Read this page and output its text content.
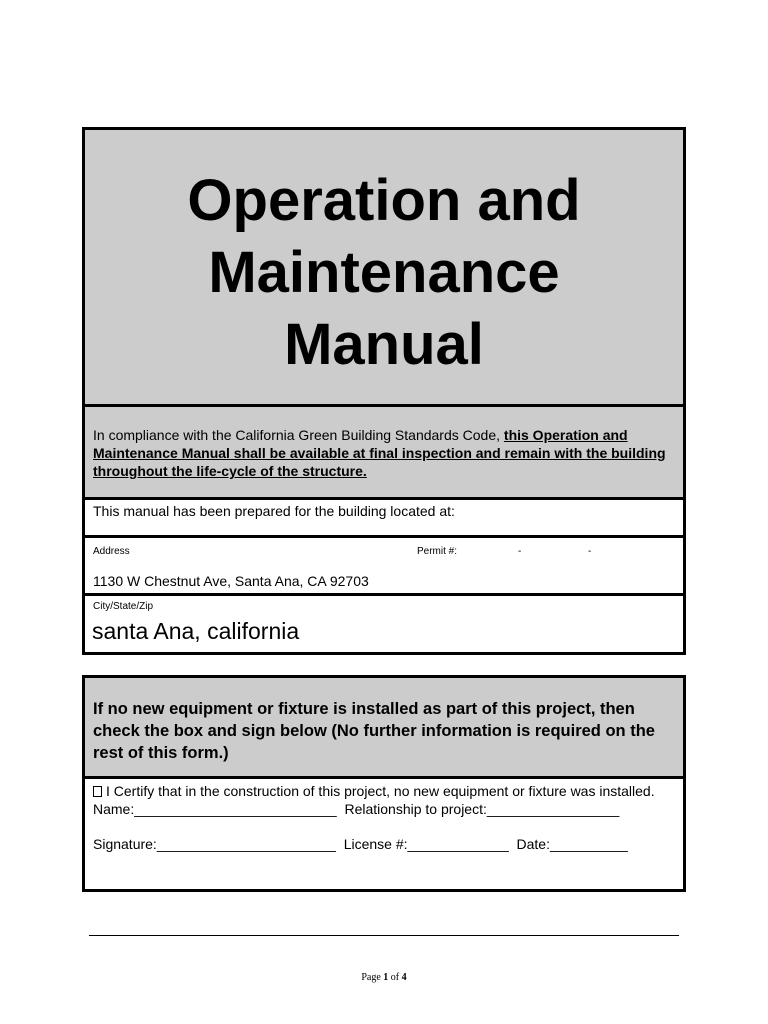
Operation and
Maintenance
Manual
In compliance with the California Green Building Standards Code, this Operation and Maintenance Manual shall be available at final inspection and remain with the building throughout the life-cycle of the structure.
This manual has been prepared for the building located at:
Address	Permit #:	-	-
1130 W Chestnut Ave, Santa Ana, CA 92703
City/State/Zip
santa Ana, california
If no new equipment or fixture is installed as part of this project, then check the box and sign below (No further information is required on the rest of this form.)
I Certify that in the construction of this project, no new equipment or fixture was installed.
Name:__________________________  Relationship to project:_________________
Signature:_______________________  License #:_____________  Date:__________
Page 1 of 4
